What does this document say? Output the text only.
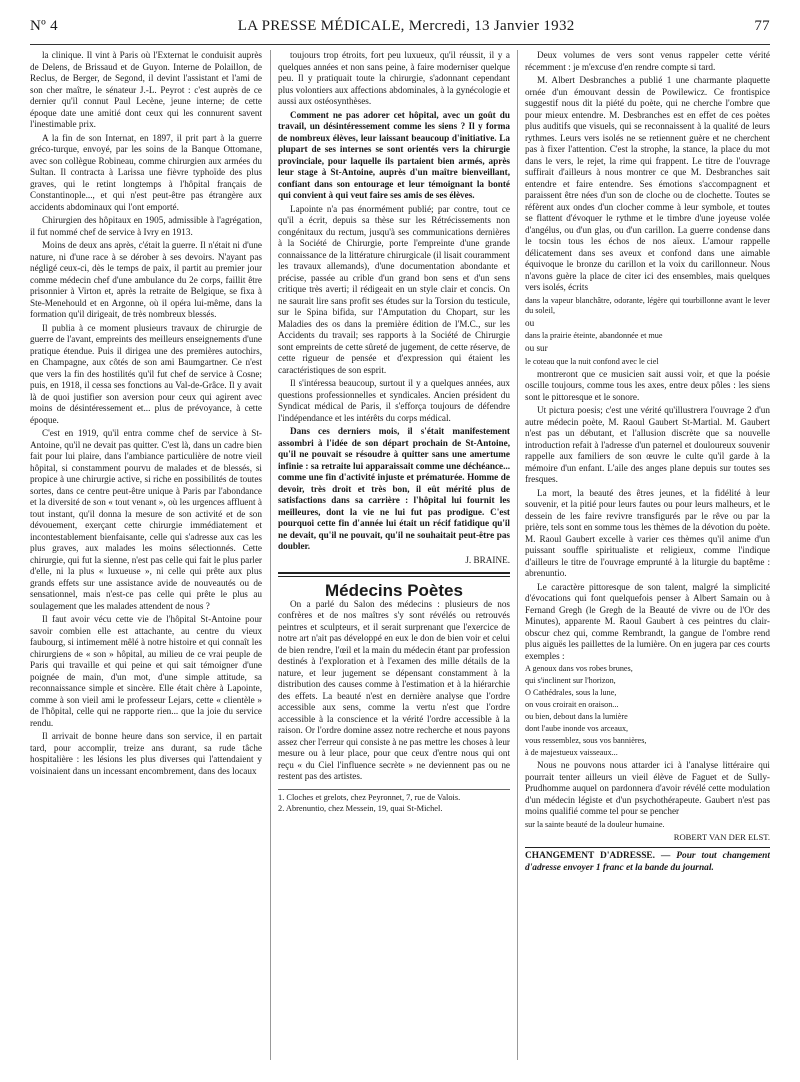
Nº 4	LA PRESSE MÉDICALE, Mercredi, 13 Janvier 1932	77

la clinique. Il vint à Paris où l'Externat le conduisit auprès de Delens, de Brissaud et de Guyon. Interne de Polaillon, de Reclus, de Berger, de Segond, il devint l'assistant et l'ami de son cher maître, le sénateur J.-L. Peyrot : c'est auprès de ce dernier qu'il connut Paul Lecène, jeune interne; de cette époque date une amitié dont ceux qui les connurent savent l'inestimable prix.

A la fin de son Internat, en 1897, il prit part à la guerre gréco-turque, envoyé, par les soins de la Banque Ottomane, avec son collègue Robineau, comme chirurgien aux armées du Sultan. Il contracta à Larissa une fièvre typhoïde des plus graves, qui le retint longtemps à l'hôpital français de Constantinople..., et qui n'est peut-être pas étrangère aux accidents abdominaux qui l'ont emporté.

Chirurgien des hôpitaux en 1905, admissible à l'agrégation, il fut nommé chef de service à Ivry en 1913.

Moins de deux ans après, c'était la guerre. Il n'était ni d'une nature, ni d'une race à se dérober à ses devoirs. N'ayant pas négligé ceux-ci, dès le temps de paix, il partit au premier jour comme médecin chef d'une ambulance du 2e corps, faillit être prisonnier à Virton et, après la retraite de Belgique, se fixa à Ste-Menehould et en Argonne, où il opéra lui-même, dans la formation qu'il dirigeait, de très nombreux blessés.

Il publia à ce moment plusieurs travaux de chirurgie de guerre de l'avant, empreints des meilleurs enseignements d'une pratique étendue. Puis il dirigea une des premières autochirs, en Champagne, aux côtés de son ami Baumgartner. Ce n'est que vers la fin des hostilités qu'il fut chef de service à Cosne; puis, en 1918, il cessa ses fonctions au Val-de-Grâce. Il y avait là de quoi justifier son aversion pour ceux qui agirent avec moins de désintéressement et... plus de prévoyance, à cette époque.

C'est en 1919, qu'il entra comme chef de service à St-Antoine, qu'il ne devait pas quitter. C'est là, dans un cadre bien fait pour lui plaire, dans l'ambiance particulière de notre vieil hôpital, si constamment pourvu de malades et de blessés, si propice à une chirurgie active, si riche en possibilités de toutes sortes, dans ce centre peut-être unique à Paris par l'abondance et la diversité de son « tout venant », où les urgences affluent à tout instant, qu'il donna la mesure de son activité et de son dévouement, exerçant cette chirurgie immédiatement et incontestablement bienfaisante, celle qui s'adresse aux cas les plus graves, aux malades les moins sélectionnés. Cette chirurgie, qui fut la sienne, n'est pas celle qui fait le plus parler d'elle, ni la plus « luxueuse », ni celle qui prête aux plus grands effets sur une assistance avide de nouveautés ou de sensationnel, mais n'est-ce pas celle qui prête le plus au soulagement que les malades attendent de nous ?

Il faut avoir vécu cette vie de l'hôpital St-Antoine pour savoir combien elle est attachante, au centre du vieux faubourg, si intimement mêlé à notre histoire et qui connaît les chirurgiens de « son » hôpital, au milieu de ce vrai peuple de Paris qui travaille et qui peine et qui sait témoigner d'une poignée de main, d'un mot, d'une simple attitude, sa reconnaissance simple et sincère. Elle était chère à Lapointe, comme à son vieil ami le professeur Lejars, cette « clientèle » de l'hôpital, celle qui ne rapporte rien... que la joie du service rendu.

Il arrivait de bonne heure dans son service, il en partait tard, pour accomplir, treize ans durant, sa rude tâche hospitalière : les lésions les plus diverses qui l'attendaient y voisinaient dans un incessant encombrement, dans des locaux

toujours trop étroits, fort peu luxueux, qu'il réussit, il y a quelques années et non sans peine, à faire moderniser quelque peu. Il y pratiquait toute la chirurgie, s'adonnant cependant plus volontiers aux affections abdominales, à la gynécologie et aussi aux ostéosynthèses.

Comment ne pas adorer cet hôpital, avec un goût du travail, un désintéressement comme les siens ? Il y forma de nombreux élèves, leur laissant beaucoup d'initiative. La plupart de ses internes se sont orientés vers la chirurgie provinciale, pour laquelle ils partaient bien armés, après leur stage à St-Antoine, auprès d'un maître bienveillant, confiant dans son entourage et leur témoignant la bonté qui convient à qui veut faire ses amis de ses élèves.

Lapointe n'a pas énormément publié; par contre, tout ce qu'il a écrit, depuis sa thèse sur les Rétrécissements non congénitaux du rectum, jusqu'à ses communications dernières à la Société de Chirurgie, porte l'empreinte d'une grande connaissance de la littérature chirurgicale (il lisait couramment les travaux allemands), d'une documentation abondante et précise, passée au crible d'un grand bon sens et d'un sens critique très averti; il rédigeait en un style clair et concis. On ne saurait lire sans profit ses études sur la Torsion du testicule, sur le Spina bifida, sur l'Amputation du Chopart, sur les Maladies des os dans la première édition de l'M.C., sur les Accidents du travail; ses rapports à la Société de Chirurgie sont empreints de cette sûreté de jugement, de cette réserve, de cette rigueur de pensée et d'expression qui étaient les caractéristiques de son esprit.

Il s'intéressa beaucoup, surtout il y a quelques années, aux questions professionnelles et syndicales. Ancien président du Syndicat médical de Paris, il s'efforça toujours de défendre l'indépendance et les intérêts du corps médical.

Dans ces derniers mois, il s'était manifestement assombri à l'idée de son départ prochain de St-Antoine, qu'il ne pouvait se résoudre à quitter sans une amertume infinie : sa retraite lui apparaissait comme une déchéance... comme une fin d'activité injuste et prématurée. Homme de devoir, très droit et très bon, il eût mérité plus de satisfactions dans sa carrière : l'hôpital lui fournit les meilleures, dont la vie ne lui fut pas prodigue. C'est pourquoi cette fin d'année lui était un récif fatidique qu'il ne devait, qu'il ne pouvait, qu'il ne souhaitait peut-être pas doubler.

J. BRAINE.

Médecins Poètes

On a parlé du Salon des médecins : plusieurs de nos confrères et de nos maîtres s'y sont révélés ou retrouvés peintres et sculpteurs, et il serait surprenant que l'exercice de notre art n'ait pas développé en eux le don de bien voir et celui de bien rendre, l'œil et la main du médecin étant par profession destinés à l'exploration et à l'examen des mille détails de la nature, et leur jugement se dépensant constamment à la distribution des causes comme à l'estimation et à la hiérarchie des effets. La beauté n'est en dernière analyse que l'ordre accessible aux sens, comme la vertu n'est que l'ordre accessible à la conscience et la vérité l'ordre accessible à la raison. Or l'ordre domine assez notre recherche et nous payons assez cher l'erreur qui consiste à ne pas mettre les choses à leur mesure ou à leur place, pour que ceux d'entre nous qui ont reçu « du Ciel l'influence secrète » ne deviennent pas ou ne restent pas des artistes.

1. Cloches et grelots, chez Peyronnet, 7, rue de Valois.
2. Abrenuntio, chez Messein, 19, quai St-Michel.

Deux volumes de vers sont venus rappeler cette vérité récemment : je m'excuse d'en rendre compte si tard.

M. Albert Desbranches a publié 1 une charmante plaquette ornée d'un émouvant dessin de Powilewicz. Ce frontispice suggestif nous dit la piété du poète, qui ne cherche l'ombre que pour mieux entendre. M. Desbranches est en effet de ces poètes plus auditifs que visuels, qui se reconnaissent à la qualité de leurs rythmes. Leurs vers isolés ne se retiennent guère et ne cherchent pas à fixer l'attention. C'est la strophe, la stance, la place du mot dans le vers, le rejet, la rime qui frappent. Le titre de l'ouvrage suffirait d'ailleurs à nous montrer ce que M. Desbranches sait entendre et faire entendre. Ses émotions s'accompagnent et paraissent être nées d'un son de cloche ou de clochette. Toutes se réfèrent aux ondes d'un clocher comme à leur symbole, et toutes se flattent d'évoquer le rythme et le timbre d'une joyeuse volée d'angélus, ou d'un glas, ou d'un carillon. La guerre condense dans le tocsin tous les échos de nos aïeux. L'amour rappelle délicatement dans ses aveux et confond dans une aimable équivoque le bronze du carillon et la voix du carillonneur. Nous n'avons guère la place de citer ici des ensembles, mais quelques vers isolés, écrits

dans la vapeur blanchâtre, odorante, légère qui tourbillonne avant le lever du soleil,

ou

dans la prairie éteinte, abandonnée et mue

ou sur

le coteau que la nuit confond avec le ciel

montreront que ce musicien sait aussi voir, et que la poésie oscille toujours, comme tous les axes, entre deux pôles : les siens sont le pittoresque et le sonore.

Ut pictura poesis; c'est une vérité qu'illustrera l'ouvrage 2 d'un autre médecin poète, M. Raoul Gaubert St-Martial. M. Gaubert n'est pas un débutant, et l'allusion discrète que sa nouvelle introduction refait à l'adresse d'un paternel et douloureux souvenir rappelle aux familiers de son œuvre le culte qu'il garde à la mémoire d'un enfant. L'aile des anges plane depuis sur toutes ses fresques.

La mort, la beauté des êtres jeunes, et la fidélité à leur souvenir, et la pitié pour leurs fautes ou pour leurs malheurs, et le dessein de les faire revivre transfigurés par le rêve ou par la prière, tels sont en somme tous les thèmes de la dévotion du poète. M. Raoul Gaubert excelle à varier ces thèmes qu'il anime d'un puissant souffle spiritualiste et religieux, comme l'indique d'ailleurs le titre de l'ouvrage emprunté à la liturgie du baptême : abrenuntio.

Le caractère pittoresque de son talent, malgré la simplicité d'évocations qui font quelquefois penser à Albert Samain ou à Fernand Gregh (le Gregh de la Beauté de vivre ou de l'Or des Minutes), apparente M. Raoul Gaubert à ces peintres du clair-obscur chez qui, comme Rembrandt, la gangue de l'ombre rend plus aiguës les paillettes de la lumière. On en jugera par ces courts exemples :

A genoux dans vos robes brunes,

qui s'inclinent sur l'horizon,

O Cathédrales, sous la lune,

on vous croirait en oraison...

ou bien, debout dans la lumière

dont l'aube inonde vos arceaux,

vous ressemblez, sous vos bannières,

à de majestueux vaisseaux...

Nous ne pouvons nous attarder ici à l'analyse littéraire qui pourrait tenter ailleurs un vieil élève de Faguet et de Sully-Prudhomme auquel on pardonnera d'avoir révélé cette modulation d'un médecin légiste et d'un psychothérapeute. Gaubert n'est pas moins qualifié comme tel pour se pencher

sur la sainte beauté de la douleur humaine.

ROBERT VAN DER ELST.

CHANGEMENT D'ADRESSE. — Pour tout changement d'adresse envoyer 1 franc et la bande du journal.
